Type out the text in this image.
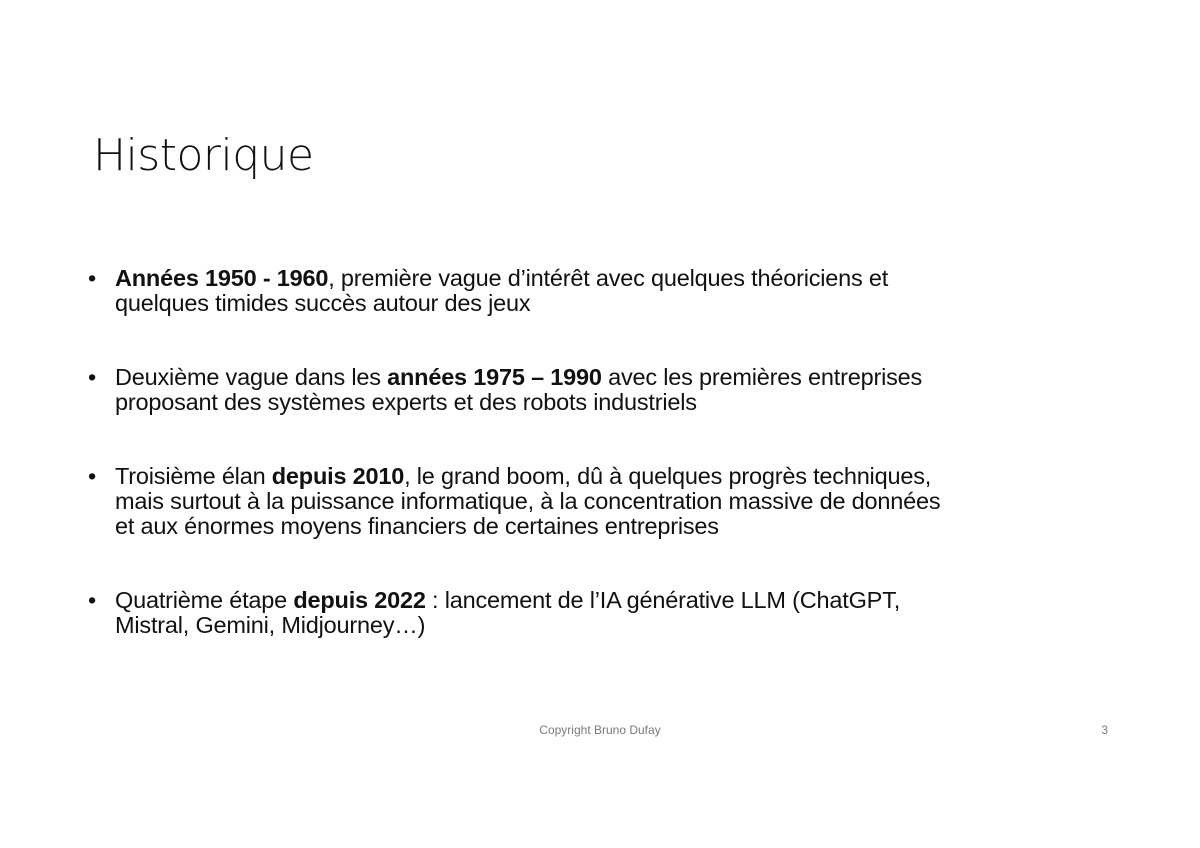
Historique
• Années 1950 - 1960, première vague d’intérêt avec quelques théoriciens et
quelques timides succès autour des jeux
• Deuxième vague dans les années 1975 – 1990 avec les premières entreprises
proposant des systèmes experts et des robots industriels
• Troisième élan depuis 2010, le grand boom, dû à quelques progrès techniques,
mais surtout à la puissance informatique, à la concentration massive de données
et aux énormes moyens financiers de certaines entreprises
• Quatrième étape depuis 2022 : lancement de l’IA générative LLM (ChatGPT,
Mistral, Gemini, Midjourney…)

Copyright Bruno Dufay	3
